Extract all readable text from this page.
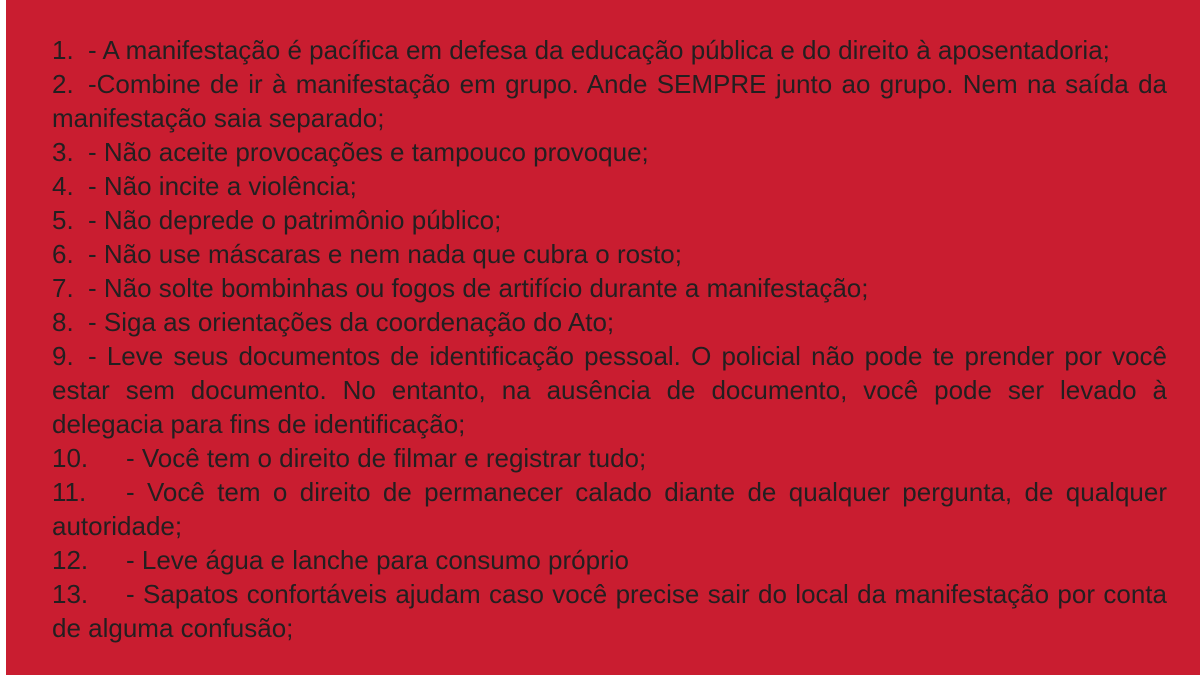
1. - A manifestação é pacífica em defesa da educação pública e do direito à aposentadoria;
2. -Combine de ir à manifestação em grupo. Ande SEMPRE junto ao grupo. Nem na saída da manifestação saia separado;
3. - Não aceite provocações e tampouco provoque;
4. - Não incite a violência;
5. - Não deprede o patrimônio público;
6. - Não use máscaras e nem nada que cubra o rosto;
7. - Não solte bombinhas ou fogos de artifício durante a manifestação;
8. - Siga as orientações da coordenação do Ato;
9. - Leve seus documentos de identificação pessoal. O policial não pode te prender por você estar sem documento. No entanto, na ausência de documento, você pode ser levado à delegacia para fins de identificação;
10. - Você tem o direito de filmar e registrar tudo;
11. - Você tem o direito de permanecer calado diante de qualquer pergunta, de qualquer autoridade;
12. - Leve água e lanche para consumo próprio
13. - Sapatos confortáveis ajudam caso você precise sair do local da manifestação por conta de alguma confusão;
